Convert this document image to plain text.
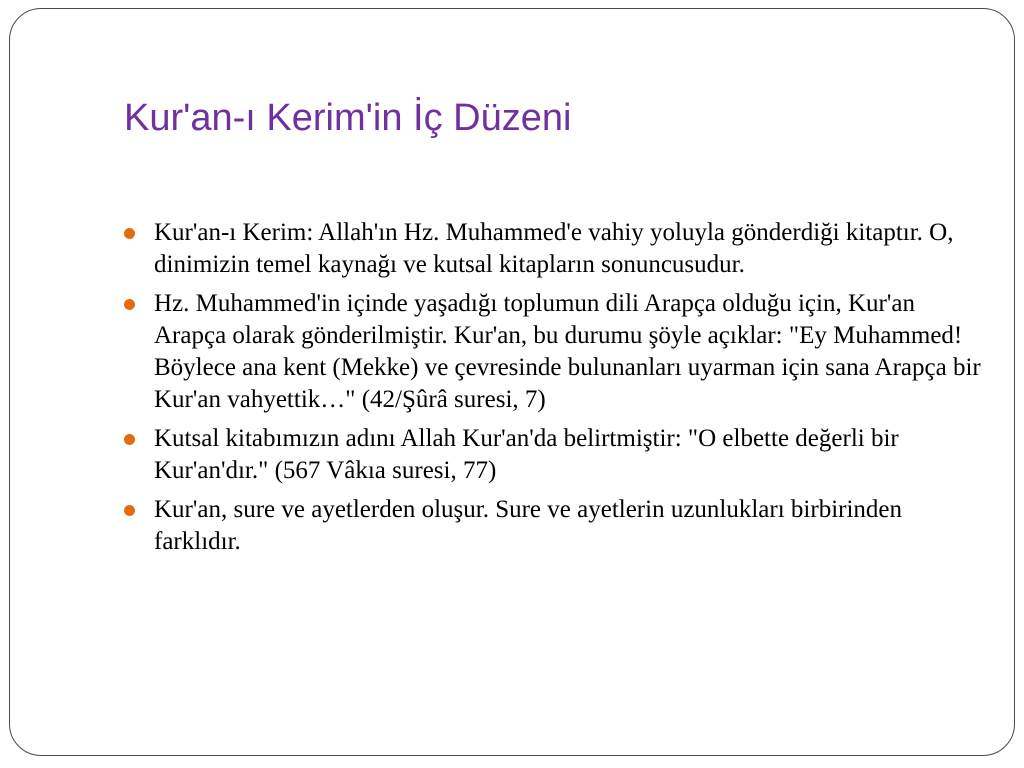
Kur'an-ı Kerim'in İç Düzeni
Kur'an-ı Kerim: Allah'ın Hz. Muhammed'e vahiy yoluyla gönderdiği kitaptır. O, dinimizin temel kaynağı ve kutsal kitapların sonuncusudur.
Hz. Muhammed'in içinde yaşadığı toplumun dili Arapça olduğu için, Kur'an Arapça olarak gönderilmiştir. Kur'an, bu durumu şöyle açıklar: "Ey Muhammed! Böylece ana kent (Mekke) ve çevresinde bulunanları uyarman için sana Arapça bir Kur'an vahyettik…" (42/Şûrâ suresi, 7)
Kutsal kitabımızın adını Allah Kur'an'da belirtmiştir: "O elbette değerli bir Kur'an'dır." (567 Vâkıa suresi, 77)
Kur'an, sure ve ayetlerden oluşur. Sure ve ayetlerin uzunlukları birbirinden farklıdır.
